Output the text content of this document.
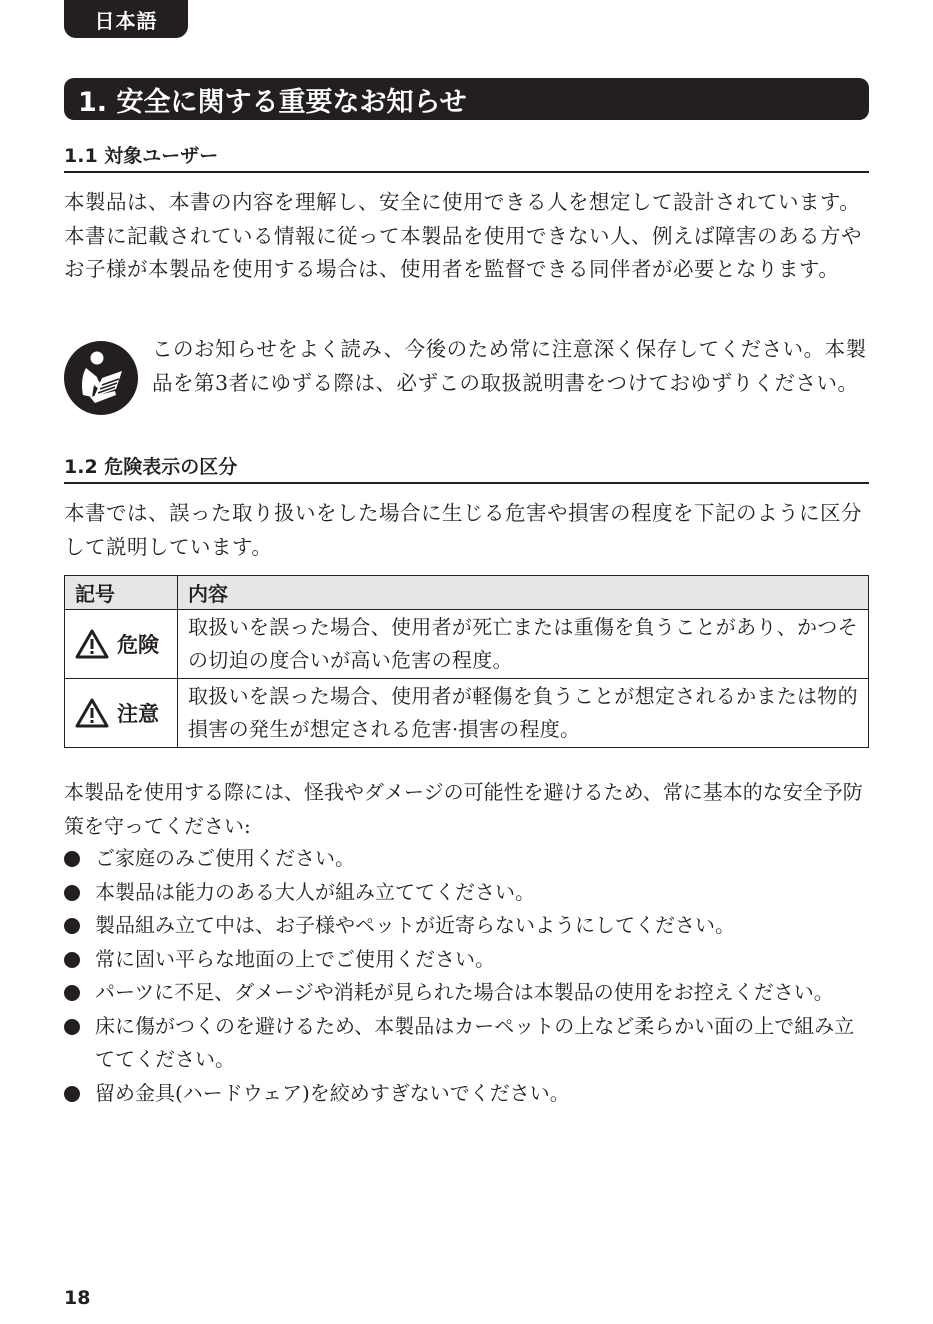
日本語
1. 安全に関する重要なお知らせ
1.1 対象ユーザー

本製品は、本書の内容を理解し、安全に使用できる人を想定して設計されています。本書に記載されている情報に従って本製品を使用できない人、例えば障害のある方やお子様が本製品を使用する場合は、使用者を監督できる同伴者が必要となります。

このお知らせをよく読み、今後のため常に注意深く保存してください。本製品を第3者にゆずる際は、必ずこの取扱説明書をつけておゆずりください。

1.2 危険表示の区分

本書では、誤った取り扱いをした場合に生じる危害や損害の程度を下記のように区分して説明しています。

記号	内容

危険	取扱いを誤った場合、使用者が死亡または重傷を負うことがあり、かつその切迫の度合いが高い危害の程度。

注意	取扱いを誤った場合、使用者が軽傷を負うことが想定されるかまたは物的損害の発生が想定される危害·損害の程度。

本製品を使用する際には、怪我やダメージの可能性を避けるため、常に基本的な安全予防策を守ってください:

ご家庭のみご使用ください。
本製品は能力のある大人が組み立ててください。
製品組み立て中は、お子様やペットが近寄らないようにしてください。
常に固い平らな地面の上でご使用ください。
パーツに不足、ダメージや消耗が見られた場合は本製品の使用をお控えください。
床に傷がつくのを避けるため、本製品はカーペットの上など柔らかい面の上で組み立ててください。
留め金具(ハードウェア)を絞めすぎないでください。
18
